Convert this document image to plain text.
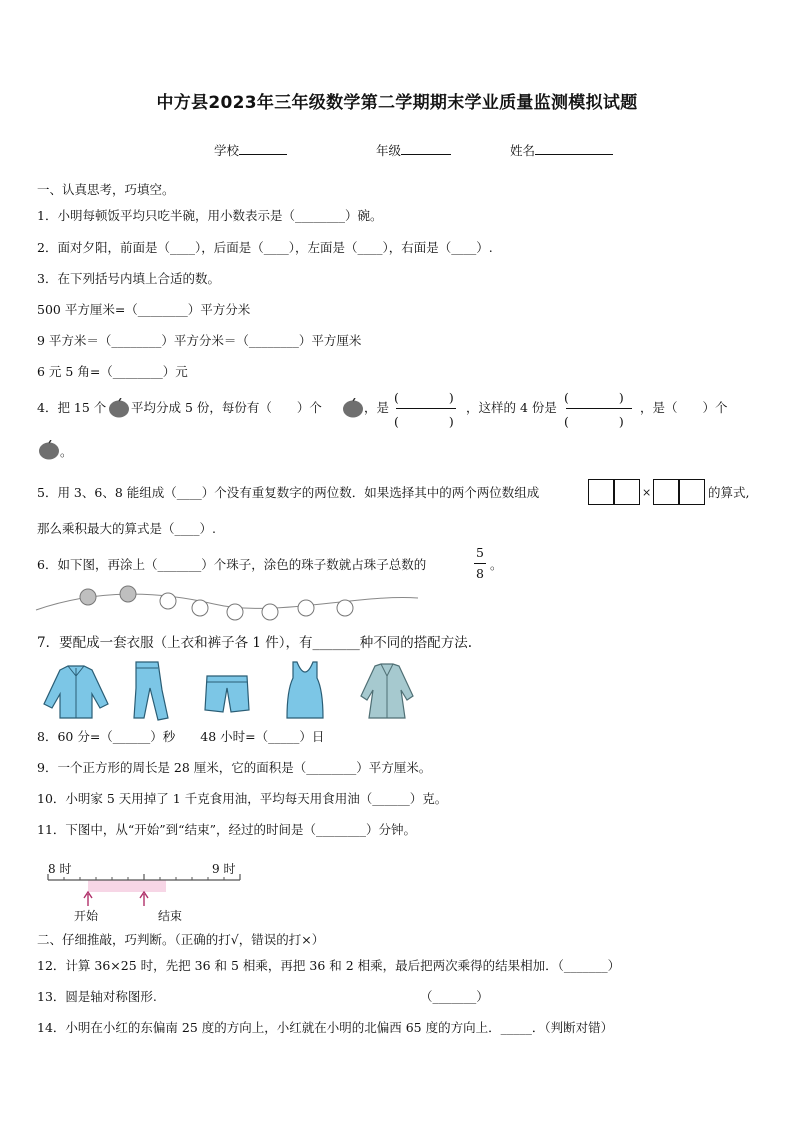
中方县2023年三年级数学第二学期期末学业质量监测模拟试题
学校	年级	姓名
一、认真思考，巧填空。
1．小明每顿饭平均只吃半碗，用小数表示是（________）碗。
2．面对夕阳，前面是（____），后面是（____），左面是（____），右面是（____）.
3．在下列括号内填上合适的数。
500 平方厘米=（________）平方分米
9 平方米＝（________）平方分米＝（________）平方厘米
6 元 5 角=（________）元
4．把 15 个 平均分成 5 份，每份有（　　）个	，是
(　　　　)
(　　　　)
，这样的 4 份是
(　　　　)
(　　　　)
，是（　　）个
。
5．用 3、6、8 能组成（____）个没有重复数字的两位数．如果选择其中的两个两位数组成	×	的算式,
那么乘积最大的算式是（____）.
6．如下图，再涂上（_______）个珠子，涂色的珠子数就占珠子总数的
5
8
。
7．要配成一套衣服（上衣和裤子各 1 件），有_______种不同的搭配方法.
8．60 分=（______）秒　　48 小时=（_____）日
9．一个正方形的周长是 28 厘米，它的面积是（________）平方厘米。
10．小明家 5 天用掉了 1 千克食用油，平均每天用食用油（______）克。
11．下图中，从“开始”到“结束”，经过的时间是（________）分钟。
8 时	9 时
开始	结束
二、仔细推敲，巧判断。（正确的打√，错误的打×）
12．计算 36×25 时，先把 36 和 5 相乘，再把 36 和 2 相乘，最后把两次乘得的结果相加．（_______）
13．圆是轴对称图形.	（_______）
14．小明在小红的东偏南 25 度的方向上，小红就在小明的北偏西 65 度的方向上．_____．（判断对错）
